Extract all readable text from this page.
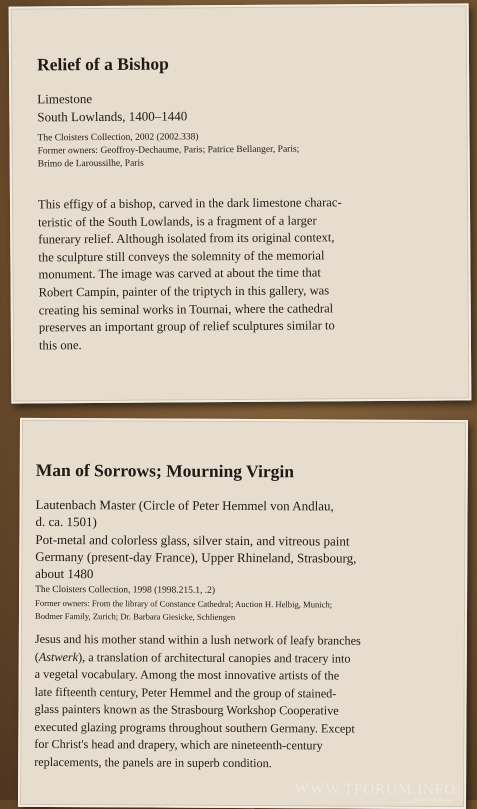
Relief of a Bishop

Limestone

South Lowlands, 1400–1440

The Cloisters Collection, 2002 (2002.338)

Former owners: Geoffroy-Dechaume, Paris; Patrice Bellanger, Paris;

Brimo de Laroussilhe, Paris

This effigy of a bishop, carved in the dark limestone charac-

teristic of the South Lowlands, is a fragment of a larger

funerary relief. Although isolated from its original context,

the sculpture still conveys the solemnity of the memorial

monument. The image was carved at about the time that

Robert Campin, painter of the triptych in this gallery, was

creating his seminal works in Tournai, where the cathedral

preserves an important group of relief sculptures similar to

this one.

Man of Sorrows; Mourning Virgin

Lautenbach Master (Circle of Peter Hemmel von Andlau,

d. ca. 1501)

Pot-metal and colorless glass, silver stain, and vitreous paint

Germany (present-day France), Upper Rhineland, Strasbourg,

about 1480

The Cloisters Collection, 1998 (1998.215.1, .2)

Former owners: From the library of Constance Cathedral; Auction H. Helbig, Munich;

Bodmer Family, Zurich; Dr. Barbara Giesicke, Schliengen

Jesus and his mother stand within a lush network of leafy branches

(Astwerk), a translation of architectural canopies and tracery into

a vegetal vocabulary. Among the most innovative artists of the

late fifteenth century, Peter Hemmel and the group of stained-

glass painters known as the Strasbourg Workshop Cooperative

executed glazing programs throughout southern Germany. Except

for Christ's head and drapery, which are nineteenth-century

replacements, the panels are in superb condition.

WWW.TFORUM.INFO
TOURIST FORUM
